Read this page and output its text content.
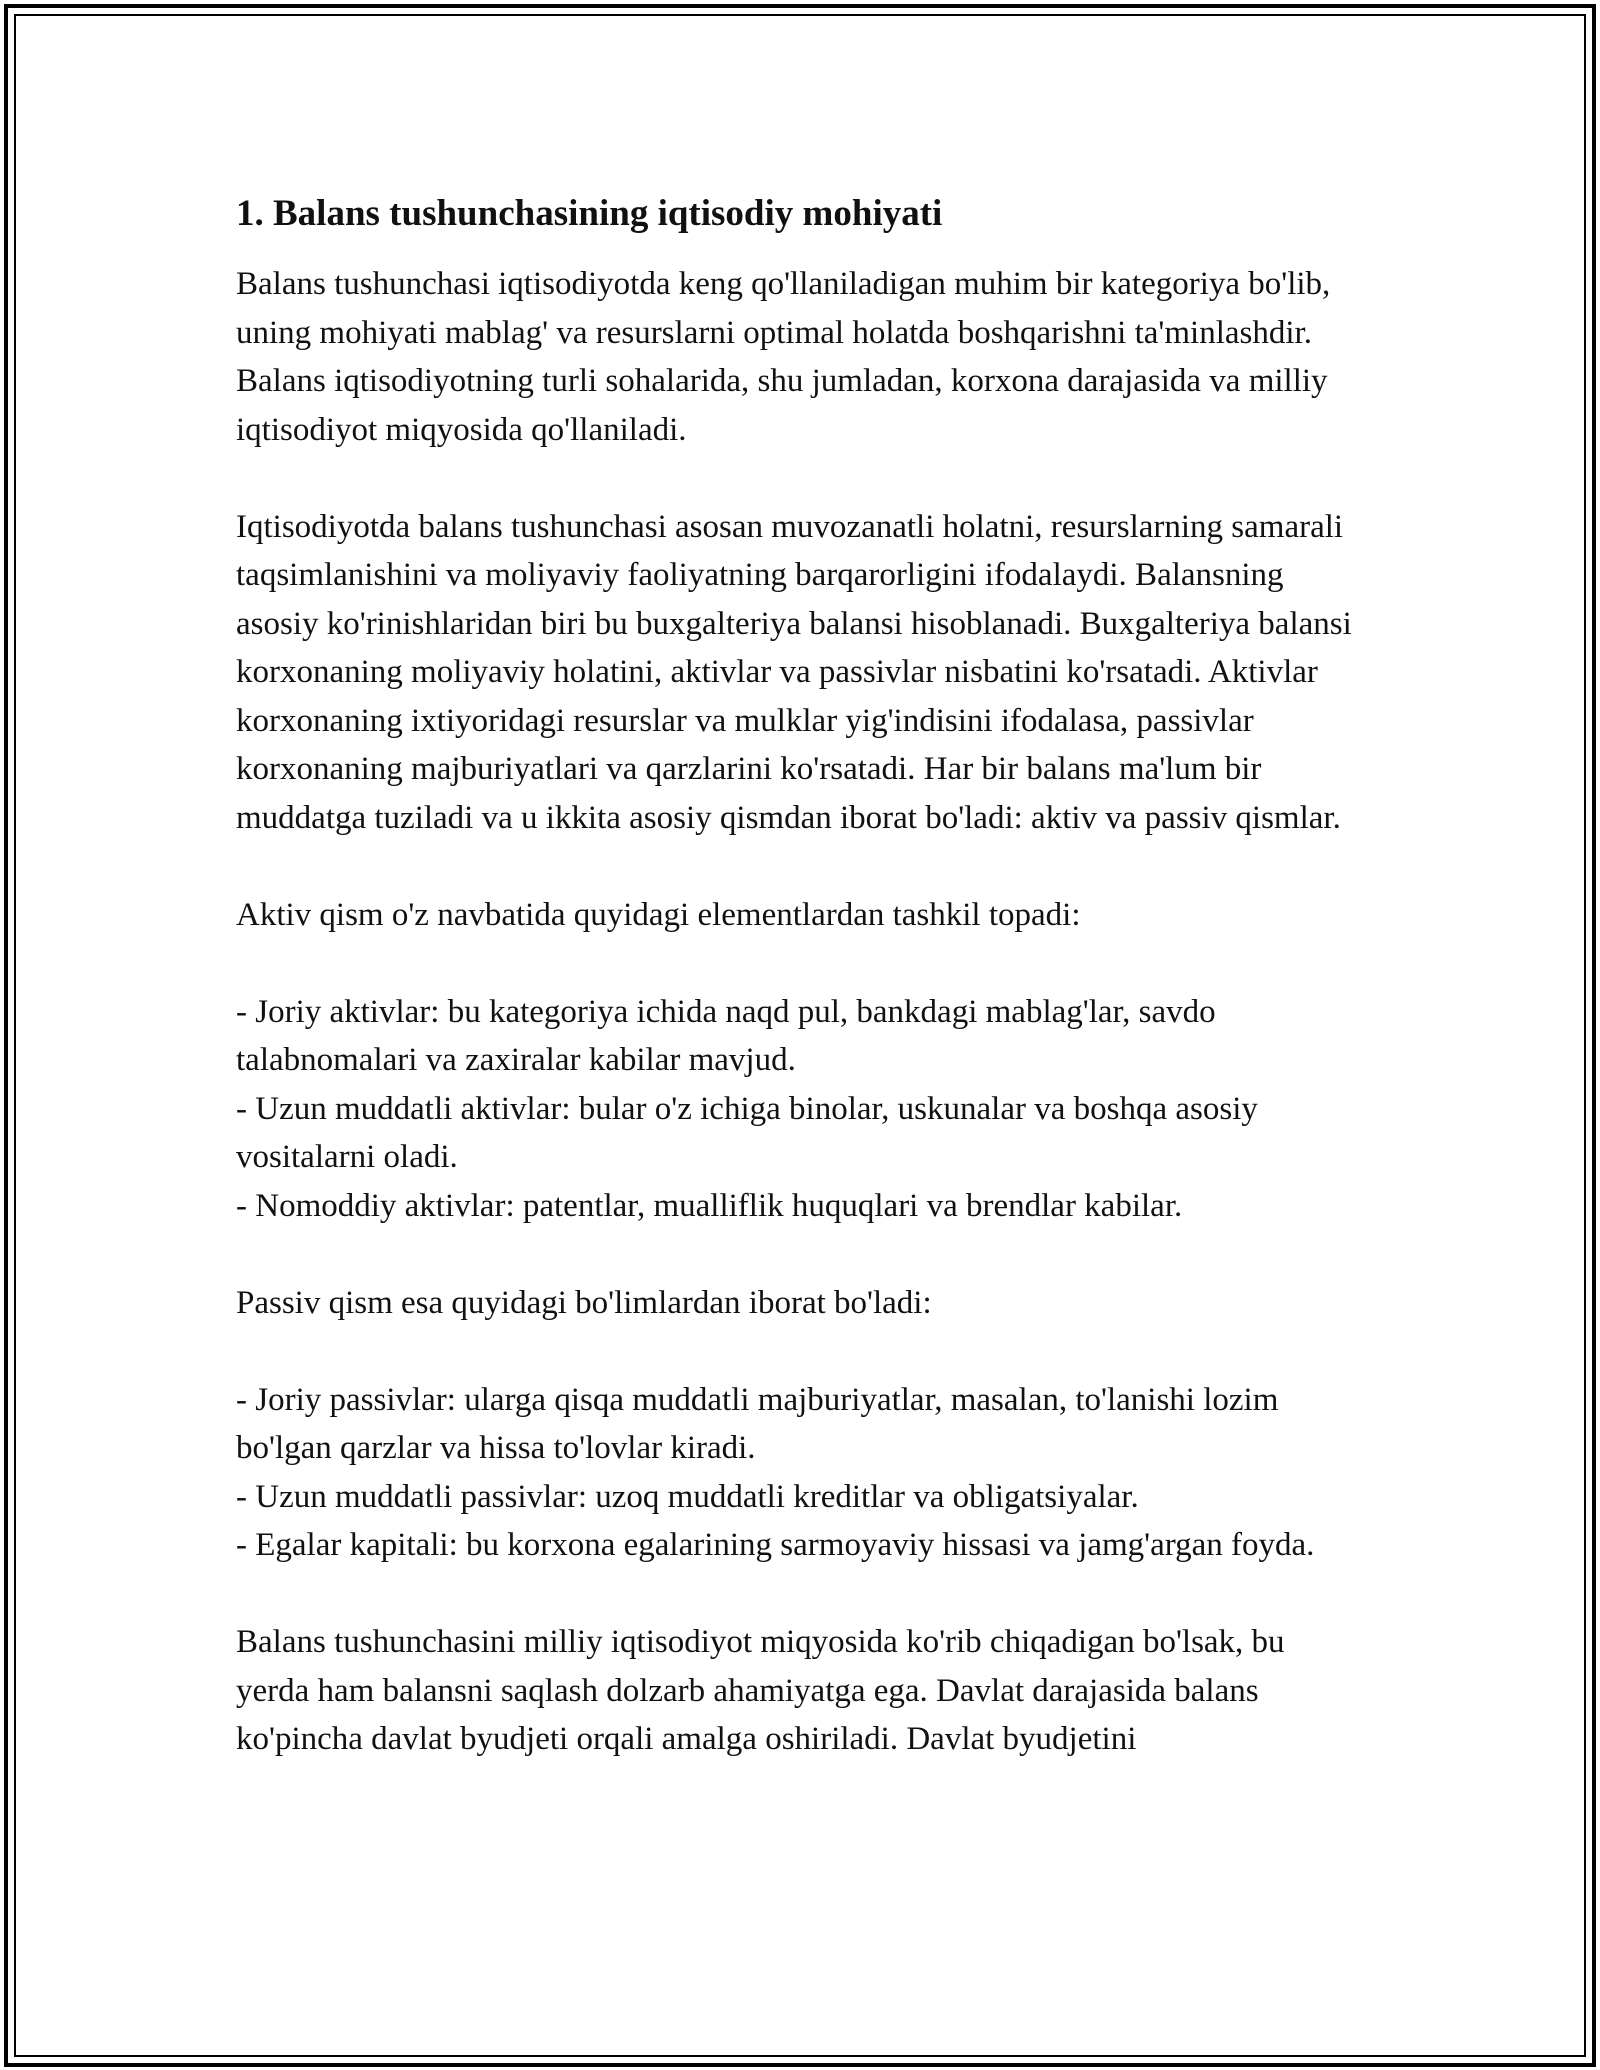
1. Balans tushunchasining iqtisodiy mohiyati

Balans tushunchasi iqtisodiyotda keng qo'llaniladigan muhim bir kategoriya bo'lib, uning mohiyati mablag' va resurslarni optimal holatda boshqarishni ta'minlashdir. Balans iqtisodiyotning turli sohalarida, shu jumladan, korxona darajasida va milliy iqtisodiyot miqyosida qo'llaniladi.

Iqtisodiyotda balans tushunchasi asosan muvozanatli holatni, resurslarning samarali taqsimlanishini va moliyaviy faoliyatning barqarorligini ifodalaydi. Balansning asosiy ko'rinishlaridan biri bu buxgalteriya balansi hisoblanadi. Buxgalteriya balansi korxonaning moliyaviy holatini, aktivlar va passivlar nisbatini ko'rsatadi. Aktivlar korxonaning ixtiyoridagi resurslar va mulklar yig'indisini ifodalasa, passivlar korxonaning majburiyatlari va qarzlarini ko'rsatadi. Har bir balans ma'lum bir muddatga tuziladi va u ikkita asosiy qismdan iborat bo'ladi: aktiv va passiv qismlar.

Aktiv qism o'z navbatida quyidagi elementlardan tashkil topadi:

- Joriy aktivlar: bu kategoriya ichida naqd pul, bankdagi mablag'lar, savdo talabnomalari va zaxiralar kabilar mavjud.

- Uzun muddatli aktivlar: bular o'z ichiga binolar, uskunalar va boshqa asosiy vositalarni oladi.

- Nomoddiy aktivlar: patentlar, mualliflik huquqlari va brendlar kabilar.

Passiv qism esa quyidagi bo'limlardan iborat bo'ladi:

- Joriy passivlar: ularga qisqa muddatli majburiyatlar, masalan, to'lanishi lozim bo'lgan qarzlar va hissa to'lovlar kiradi.

- Uzun muddatli passivlar: uzoq muddatli kreditlar va obligatsiyalar.

- Egalar kapitali: bu korxona egalarining sarmoyaviy hissasi va jamg'argan foyda.

Balans tushunchasini milliy iqtisodiyot miqyosida ko'rib chiqadigan bo'lsak, bu yerda ham balansni saqlash dolzarb ahamiyatga ega. Davlat darajasida balans ko'pincha davlat byudjeti orqali amalga oshiriladi. Davlat byudjetini
